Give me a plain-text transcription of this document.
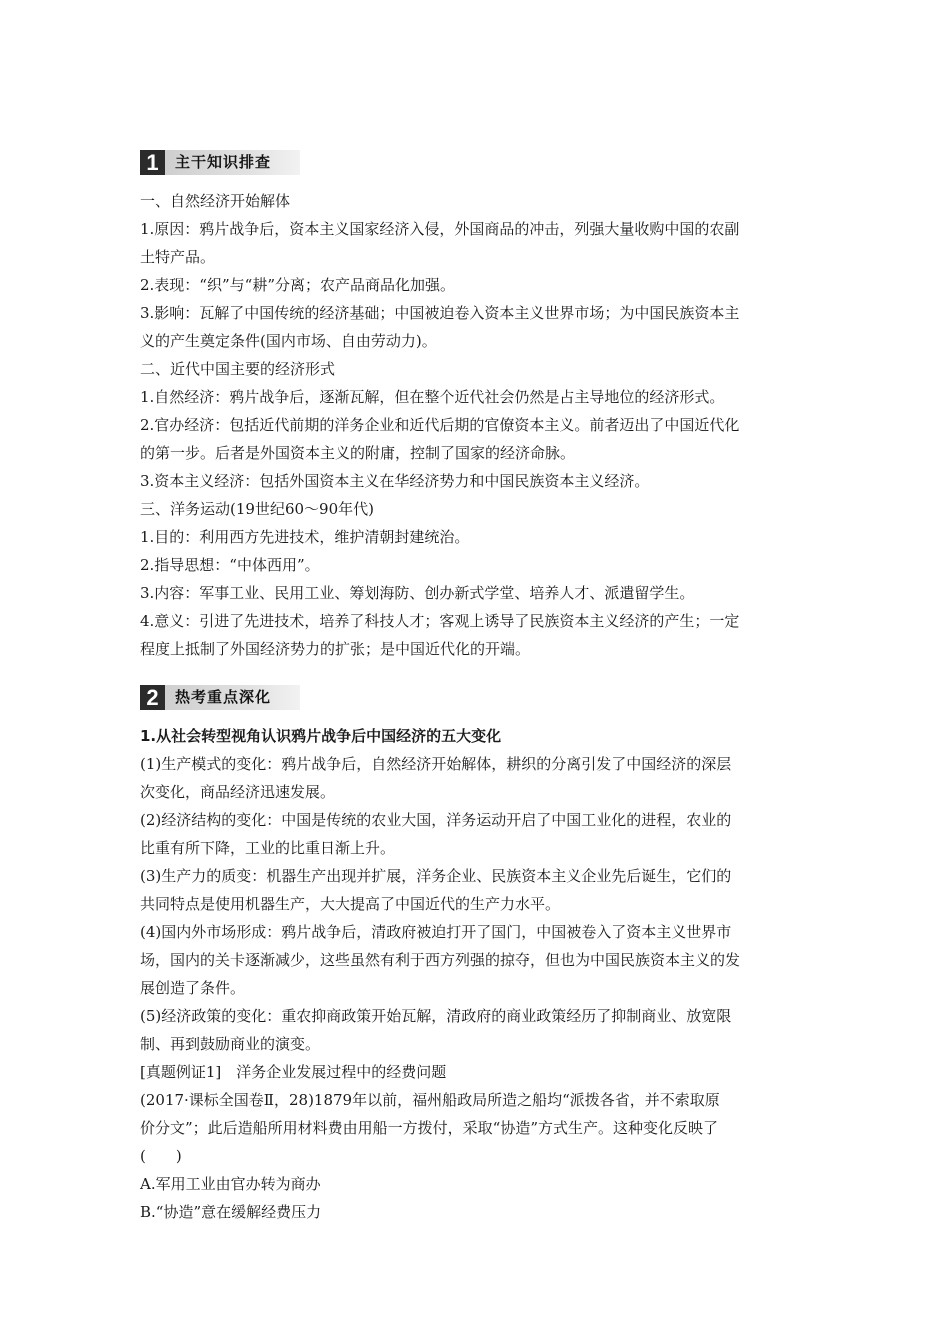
1	主干知识排查

一、自然经济开始解体

1.原因：鸦片战争后，资本主义国家经济入侵，外国商品的冲击，列强大量收购中国的农副

土特产品。

2.表现：“织”与“耕”分离；农产品商品化加强。

3.影响：瓦解了中国传统的经济基础；中国被迫卷入资本主义世界市场；为中国民族资本主

义的产生奠定条件(国内市场、自由劳动力)。

二、近代中国主要的经济形式

1.自然经济：鸦片战争后，逐渐瓦解，但在整个近代社会仍然是占主导地位的经济形式。

2.官办经济：包括近代前期的洋务企业和近代后期的官僚资本主义。前者迈出了中国近代化

的第一步。后者是外国资本主义的附庸，控制了国家的经济命脉。

3.资本主义经济：包括外国资本主义在华经济势力和中国民族资本主义经济。

三、洋务运动(19世纪60～90年代)

1.目的：利用西方先进技术，维护清朝封建统治。

2.指导思想：“中体西用”。

3.内容：军事工业、民用工业、筹划海防、创办新式学堂、培养人才、派遣留学生。

4.意义：引进了先进技术，培养了科技人才；客观上诱导了民族资本主义经济的产生；一定

程度上抵制了外国经济势力的扩张；是中国近代化的开端。

2	热考重点深化

1.从社会转型视角认识鸦片战争后中国经济的五大变化

(1)生产模式的变化：鸦片战争后，自然经济开始解体，耕织的分离引发了中国经济的深层

次变化，商品经济迅速发展。

(2)经济结构的变化：中国是传统的农业大国，洋务运动开启了中国工业化的进程，农业的

比重有所下降，工业的比重日渐上升。

(3)生产力的质变：机器生产出现并扩展，洋务企业、民族资本主义企业先后诞生，它们的

共同特点是使用机器生产，大大提高了中国近代的生产力水平。

(4)国内外市场形成：鸦片战争后，清政府被迫打开了国门，中国被卷入了资本主义世界市

场，国内的关卡逐渐减少，这些虽然有利于西方列强的掠夺，但也为中国民族资本主义的发

展创造了条件。

(5)经济政策的变化：重农抑商政策开始瓦解，清政府的商业政策经历了抑制商业、放宽限

制、再到鼓励商业的演变。

[真题例证1]　洋务企业发展过程中的经费问题

(2017·课标全国卷Ⅱ，28)1879年以前，福州船政局所造之船均“派拨各省，并不索取原

价分文”；此后造船所用材料费由用船一方拨付，采取“协造”方式生产。这种变化反映了

(　　)

A.军用工业由官办转为商办

B.“协造”意在缓解经费压力
